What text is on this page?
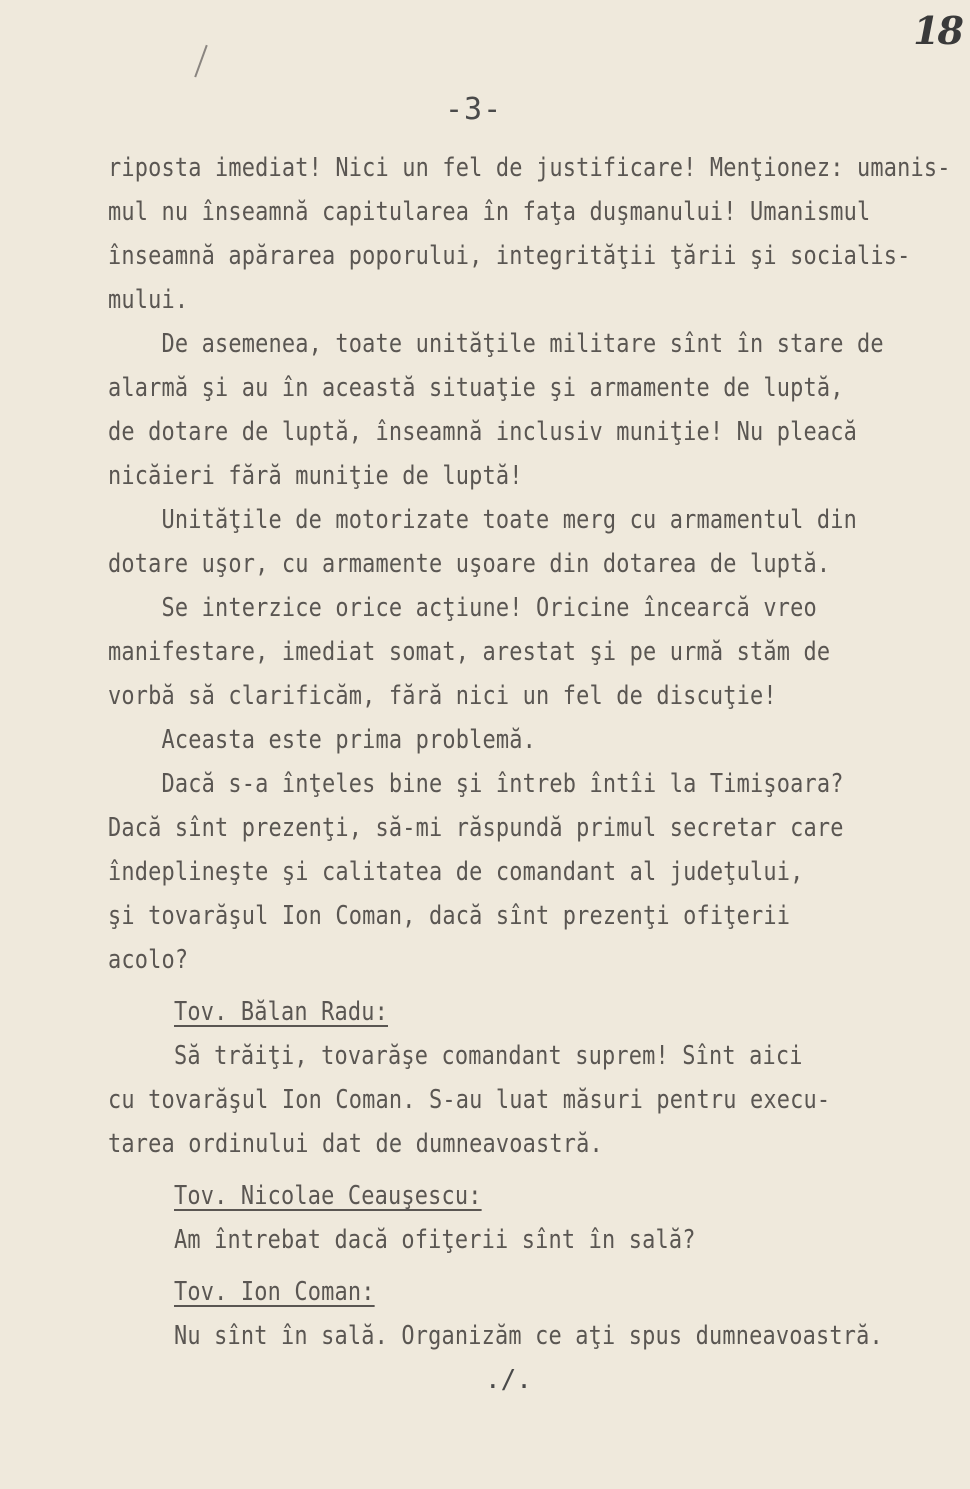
18
-3-
riposta imediat! Nici un fel de justificare! Menţionez: umanis-
mul nu înseamnă capitularea în faţa duşmanului! Umanismul
înseamnă apărarea poporului, integrităţii ţării şi socialis-
mului.
De asemenea, toate unităţile militare sînt în stare de
alarmă şi au în această situaţie şi armamente de luptă,
de dotare de luptă, înseamnă inclusiv muniţie! Nu pleacă
nicăieri fără muniţie de luptă!
Unităţile de motorizate toate merg cu armamentul din
dotare uşor, cu armamente uşoare din dotarea de luptă.
Se interzice orice acţiune! Oricine încearcă vreo
manifestare, imediat somat, arestat şi pe urmă stăm de
vorbă să clarificăm, fără nici un fel de discuţie!
Aceasta este prima problemă.
Dacă s-a înţeles bine şi întreb întîi la Timişoara?
Dacă sînt prezenţi, să-mi răspundă primul secretar care
îndeplineşte şi calitatea de comandant al judeţului,
şi tovarăşul Ion Coman, dacă sînt prezenţi ofiţerii
acolo?
Tov. Bălan Radu:
Să trăiţi, tovarăşe comandant suprem! Sînt aici
cu tovarăşul Ion Coman. S-au luat măsuri pentru execu-
tarea ordinului dat de dumneavoastră.
Tov. Nicolae Ceauşescu:
Am întrebat dacă ofiţerii sînt în sală?
Tov. Ion Coman:
Nu sînt în sală. Organizăm ce aţi spus dumneavoastră.
./.
